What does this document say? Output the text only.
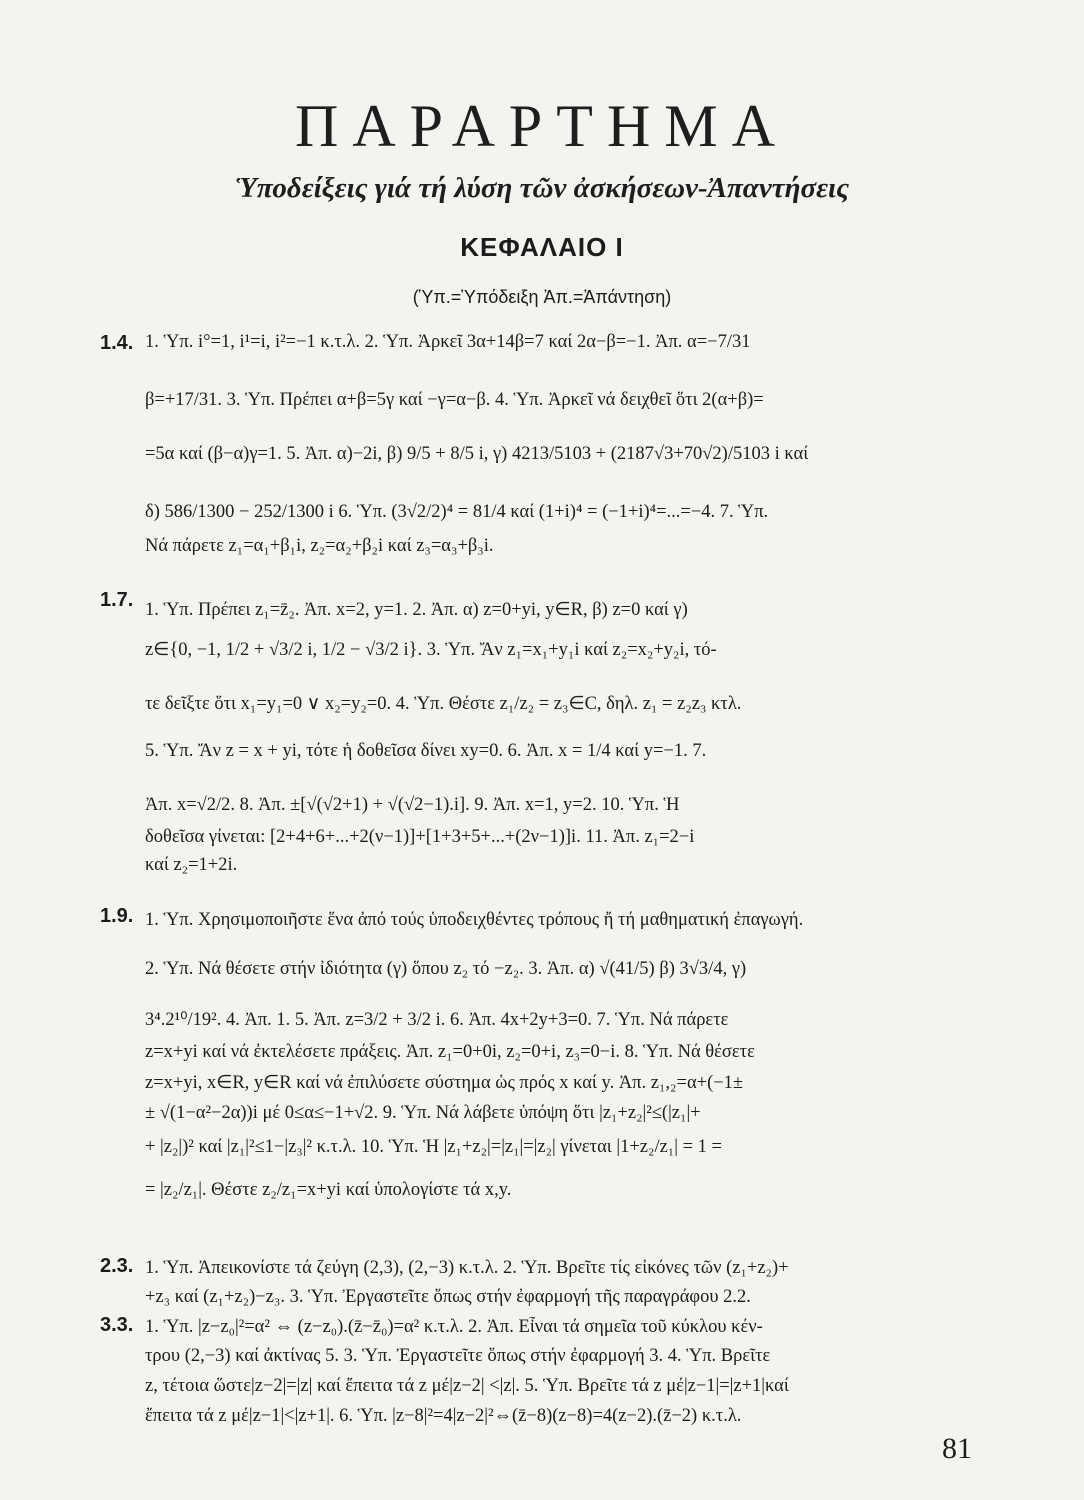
ΠΑΡΑΡΤΗΜΑ
Ὑποδείξεις γιά τή λύση τῶν ἀσκήσεων-Ἀπαντήσεις
ΚΕΦΑΛΑΙΟ Ι
(Ὑπ.=Ὑπόδειξη Ἀπ.=Ἀπάντηση)
1.4. 1. Ὑπ. i°=1, i¹=i, i²=−1 κ.τ.λ. 2. Ὑπ. Ἀρκεῖ 3α+14β=7 καί 2α−β=−1. Ἀπ. α=−7/31
β=+17/31. 3. Ὑπ. Πρέπει α+β=5γ καί −γ=α−β. 4. Ὑπ. Ἀρκεῖ νά δειχθεῖ ὅτι 2(α+β)=
=5α καί (β−α)γ=1. 5. Ἀπ. α)−2i, β) 9/5 + 8/5 i, γ) 4213/5103 + (2187√3+70√2)/5103 i καί
δ) 586/1300 − 252/1300 i 6. Ὑπ. (3√2/2)⁴ = 81/4 καί (1+i)⁴ = (−1+i)⁴=...=−4. 7. Ὑπ.
Νά πάρετε z₁=α₁+β₁i, z₂=α₂+β₂i καί z₃=α₃+β₃i.
1.7. 1. Ὑπ. Πρέπει z₁=z̄₂. Ἀπ. x=2, y=1. 2. Ἀπ. α) z=0+yi, y∈R, β) z=0 καί γ)
z∈{0, −1, 1/2 + √3/2 i, 1/2 − √3/2 i}. 3. Ὑπ. Ἄν z₁=x₁+y₁i καί z₂=x₂+y₂i, τό-
τε δεῖξτε ὅτι x₁=y₁=0 ∨ x₂=y₂=0. 4. Ὑπ. Θέστε z₁/z₂ = z₃∈C, δηλ. z₁ = z₂z₃ κτλ.
5. Ὑπ. Ἄν z = x + yi, τότε ἡ δοθεῖσα δίνει xy=0. 6. Ἀπ. x = 1/4 καί y=−1. 7.
Ἀπ. x=√2/2. 8. Ἀπ. ±[√(√2+1) + √(√2−1).i]. 9. Ἀπ. x=1, y=2. 10. Ὑπ. Ἡ
δοθεῖσα γίνεται: [2+4+6+...+2(ν−1)]+[1+3+5+...+(2ν−1)]i. 11. Ἀπ. z₁=2−i
καί z₂=1+2i.
1.9. 1. Ὑπ. Χρησιμοποιῆστε ἕνα ἀπό τούς ὑποδειχθέντες τρόπους ἤ τή μαθηματική ἐπαγωγή.
2. Ὑπ. Νά θέσετε στήν ἰδιότητα (γ) ὅπου z₂ τό −z₂. 3. Ἀπ. α) √(41/5) β) 3√3/4, γ)
3⁴.2¹⁰/19². 4. Ἀπ. 1. 5. Ἀπ. z=3/2 + 3/2 i. 6. Ἀπ. 4x+2y+3=0. 7. Ὑπ. Νά πάρετε
z=x+yi καί νά ἐκτελέσετε πράξεις. Ἀπ. z₁=0+0i, z₂=0+i, z₃=0−i. 8. Ὑπ. Νά θέσετε
z=x+yi, x∈R, y∈R καί νά ἐπιλύσετε σύστημα ὡς πρός x καί y. Ἀπ. z₁,₂=α+(−1±
± √(1−α²−2α))i μέ 0≤α≤−1+√2. 9. Ὑπ. Νά λάβετε ὑπόψη ὅτι |z₁+z₂|²≤(|z₁|+
+ |z₂|)² καί |z₁|²≤1−|z₃|² κ.τ.λ. 10. Ὑπ. Ἡ |z₁+z₂|=|z₁|=|z₂| γίνεται |1+z₂/z₁| = 1 =
= |z₂/z₁|. Θέστε z₂/z₁=x+yi καί ὑπολογίστε τά x,y.
2.3. 1. Ὑπ. Ἀπεικονίστε τά ζεύγη (2,3), (2,−3) κ.τ.λ. 2. Ὑπ. Βρεῖτε τίς εἰκόνες τῶν (z₁+z₂)+
+z₃ καί (z₁+z₂)−z₃. 3. Ὑπ. Ἐργαστεῖτε ὅπως στήν ἐφαρμογή τῆς παραγράφου 2.2.
3.3. 1. Ὑπ. |z−z₀|²=α² ⇔ (z−z₀).(z̄−z̄₀)=α² κ.τ.λ. 2. Ἀπ. Εἶναι τά σημεῖα τοῦ κύκλου κέν-
τρου (2,−3) καί ἀκτίνας 5. 3. Ὑπ. Ἐργαστεῖτε ὅπως στήν ἐφαρμογή 3. 4. Ὑπ. Βρεῖτε
z, τέτοια ὥστε|z−2|=|z| καί ἔπειτα τά z μέ|z−2| <|z|. 5. Ὑπ. Βρεῖτε τά z μέ|z−1|=|z+1|καί
ἔπειτα τά z μέ|z−1|<|z+1|. 6. Ὑπ. |z−8|²=4|z−2|²⇔(z̄−8)(z−8)=4(z−2).(z̄−2) κ.τ.λ.
81
